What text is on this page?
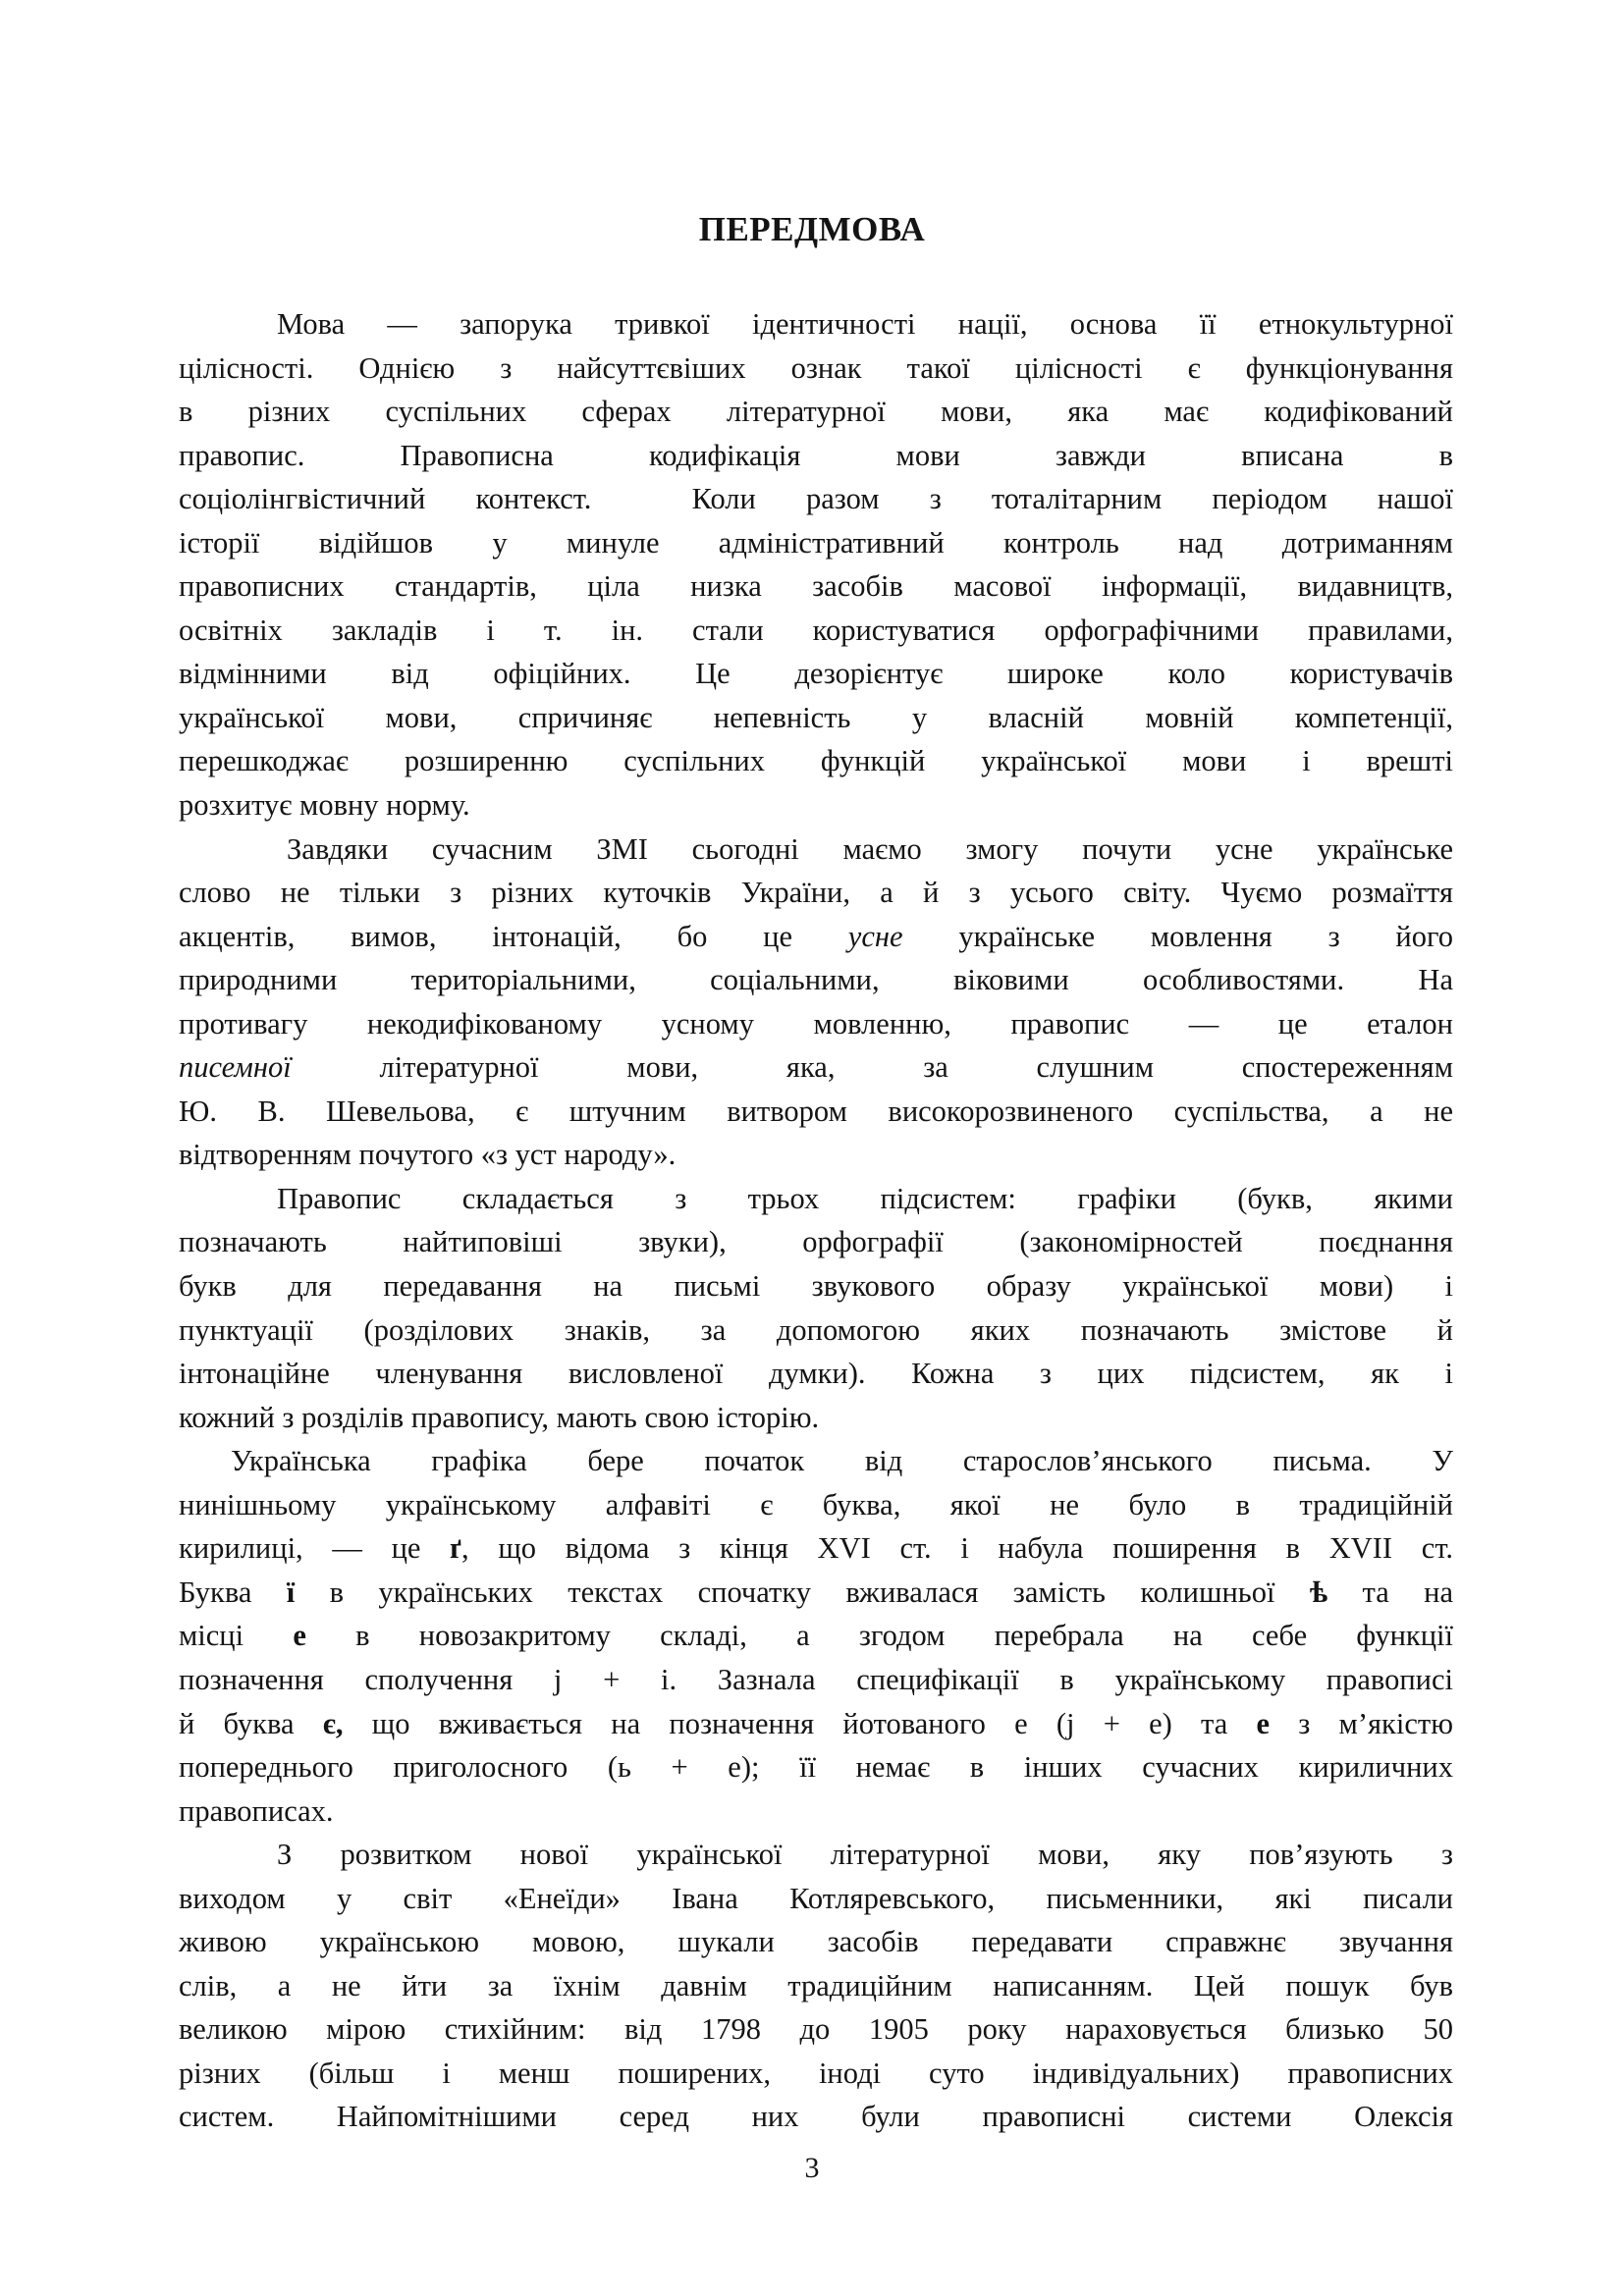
ПЕРЕДМОВА
Мова — запорука тривкої ідентичності нації, основа її етнокультурної
цілісності. Однією з найсуттєвіших ознак такої цілісності є функціонування
в різних суспільних сферах літературної мови, яка має кодифікований
правопис. Правописна кодифікація мови завжди вписана в
соціолінгвістичний контекст.  Коли разом з тоталітарним періодом нашої
історії відійшов у минуле адміністративний контроль над дотриманням
правописних стандартів, ціла низка засобів масової інформації, видавництв,
освітніх закладів і т. ін. стали користуватися орфографічними правилами,
відмінними від офіційних. Це дезорієнтує широке коло користувачів
української мови, спричиняє непевність у власній мовній компетенції,
перешкоджає розширенню суспільних функцій української мови і врешті
розхитує мовну норму.
Завдяки сучасним ЗМІ сьогодні маємо змогу почути усне українське
слово не тільки з різних куточків України, а й з усього світу. Чуємо розмаїття
акцентів, вимов, інтонацій, бо це усне українське мовлення з його
природними територіальними, соціальними, віковими особливостями. На
противагу некодифікованому усному мовленню, правопис — це еталон
писемної літературної мови, яка, за слушним спостереженням
Ю. В. Шевельова, є штучним витвором високорозвиненого суспільства, а не
відтворенням почутого «з уст народу».
Правопис складається з трьох підсистем: графіки (букв, якими
позначають найтиповіші звуки), орфографії (закономірностей поєднання
букв для передавання на письмі звукового образу української мови) і
пунктуації (розділових знаків, за допомогою яких позначають змістове й
інтонаційне членування висловленої думки). Кожна з цих підсистем, як і
кожний з розділів правопису, мають свою історію.
Українська графіка бере початок від старослов’янського письма. У
нинішньому українському алфавіті є буква, якої не було в традиційній
кирилиці, — це ґ, що відома з кінця XVI ст. і набула поширення в XVII ст.
Буква ї в українських текстах спочатку вживалася замість колишньої ѣ та на
місці е в новозакритому складі, а згодом перебрала на себе функції
позначення сполучення j + і. Зазнала специфікації в українському правописі
й буква є, що вживається на позначення йотованого е (j + е) та е з м’якістю
попереднього приголосного (ь + е); її немає в інших сучасних кириличних
правописах.
З розвитком нової української літературної мови, яку пов’язують з
виходом у світ «Енеїди» Івана Котляревського, письменники, які писали
живою українською мовою, шукали засобів передавати справжнє звучання
слів, а не йти за їхнім давнім традиційним написанням. Цей пошук був
великою мірою стихійним: від 1798 до 1905 року нараховується близько 50
різних (більш і менш поширених, іноді суто індивідуальних) правописних
систем. Найпомітнішими серед них були правописні системи Олексія
3
